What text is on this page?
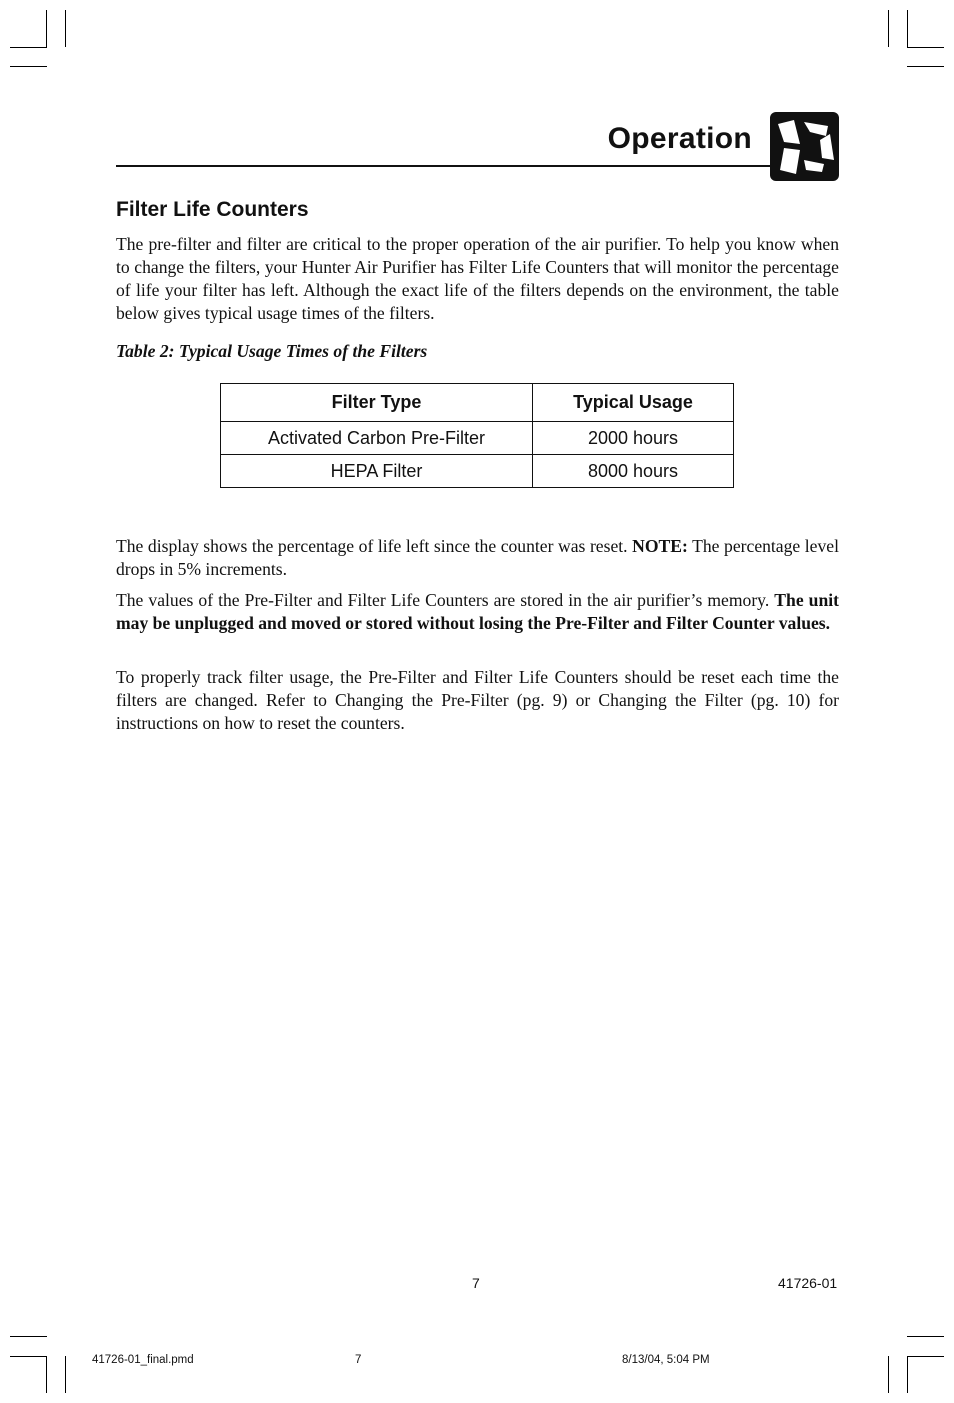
Operation
Filter Life Counters
The pre-filter and filter are critical to the proper operation of the air purifier. To help you know when to change the filters, your Hunter Air Purifier has Filter Life Counters that will monitor the percentage of life your filter has left. Although the exact life of the filters depends on the environment, the table below gives typical usage times of the filters.
Table 2: Typical Usage Times of the Filters
Filter Type	Typical Usage
Activated Carbon Pre-Filter	2000 hours
HEPA Filter	8000 hours
The display shows the percentage of life left since the counter was reset. NOTE: The percentage level drops in 5% increments.
The values of the Pre-Filter and Filter Life Counters are stored in the air purifier’s memory. The unit may be unplugged and moved or stored without losing the Pre-Filter and Filter Counter values.
To properly track filter usage, the Pre-Filter and Filter Life Counters should be reset each time the filters are changed. Refer to Changing the Pre-Filter (pg. 9) or Changing the Filter (pg. 10) for instructions on how to reset the counters.
7	41726-01
41726-01_final.pmd	7	8/13/04, 5:04 PM
